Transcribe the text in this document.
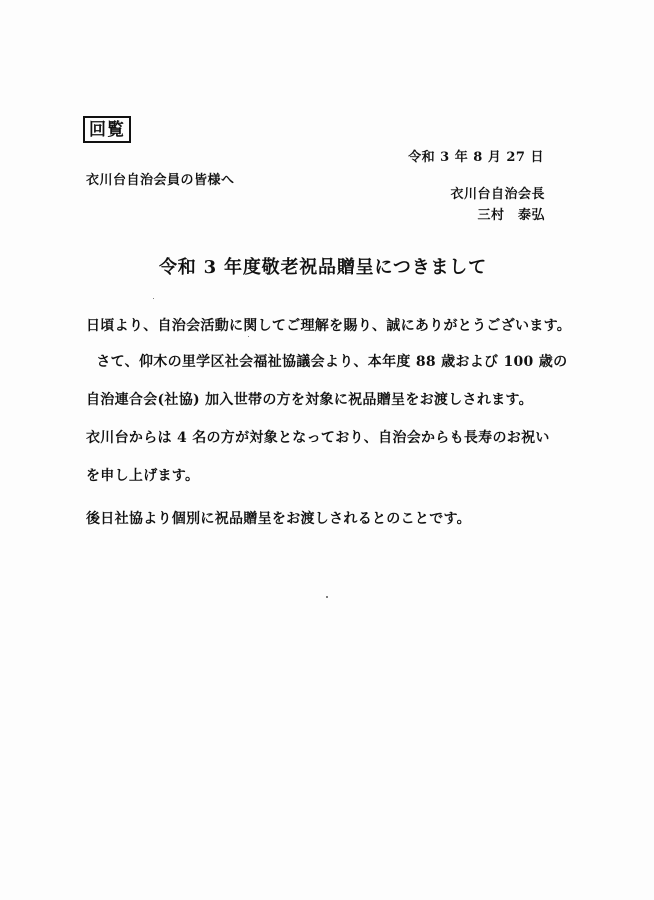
回覧
令和 3 年 8 月 27 日
衣川台自治会員の皆様へ
衣川台自治会長
三村　泰弘
令和 3 年度敬老祝品贈呈につきまして
日頃より、自治会活動に関してご理解を賜り、誠にありがとうございます。
さて、仰木の里学区社会福祉協議会より、本年度 88 歳および 100 歳の
自治連合会(社協) 加入世帯の方を対象に祝品贈呈をお渡しされます。
衣川台からは 4 名の方が対象となっており、自治会からも長寿のお祝い
を申し上げます。
後日社協より個別に祝品贈呈をお渡しされるとのことです。
